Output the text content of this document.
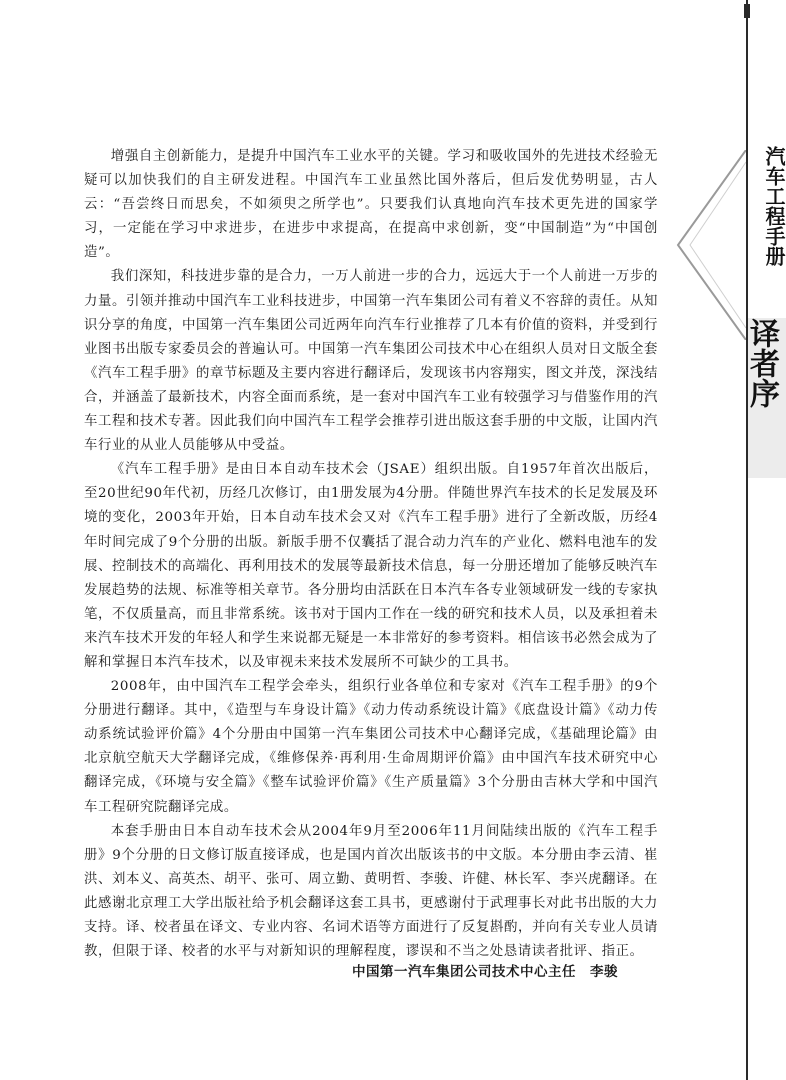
汽车工程手册
译者序

增强自主创新能力，是提升中国汽车工业水平的关键。学习和吸收国外的先进技术经验无疑可以加快我们的自主研发进程。中国汽车工业虽然比国外落后，但后发优势明显，古人云：“吾尝终日而思矣，不如须臾之所学也”。只要我们认真地向汽车技术更先进的国家学习，一定能在学习中求进步，在进步中求提高，在提高中求创新，变“中国制造”为“中国创造”。

我们深知，科技进步靠的是合力，一万人前进一步的合力，远远大于一个人前进一万步的力量。引领并推动中国汽车工业科技进步，中国第一汽车集团公司有着义不容辞的责任。从知识分享的角度，中国第一汽车集团公司近两年向汽车行业推荐了几本有价值的资料，并受到行业图书出版专家委员会的普遍认可。中国第一汽车集团公司技术中心在组织人员对日文版全套《汽车工程手册》的章节标题及主要内容进行翻译后，发现该书内容翔实，图文并茂，深浅结合，并涵盖了最新技术，内容全面而系统，是一套对中国汽车工业有较强学习与借鉴作用的汽车工程和技术专著。因此我们向中国汽车工程学会推荐引进出版这套手册的中文版，让国内汽车行业的从业人员能够从中受益。

《汽车工程手册》是由日本自动车技术会（JSAE）组织出版。自1957年首次出版后，至20世纪90年代初，历经几次修订，由1册发展为4分册。伴随世界汽车技术的长足发展及环境的变化，2003年开始，日本自动车技术会又对《汽车工程手册》进行了全新改版，历经4年时间完成了9个分册的出版。新版手册不仅囊括了混合动力汽车的产业化、燃料电池车的发展、控制技术的高端化、再利用技术的发展等最新技术信息，每一分册还增加了能够反映汽车发展趋势的法规、标准等相关章节。各分册均由活跃在日本汽车各专业领域研发一线的专家执笔，不仅质量高，而且非常系统。该书对于国内工作在一线的研究和技术人员，以及承担着未来汽车技术开发的年轻人和学生来说都无疑是一本非常好的参考资料。相信该书必然会成为了解和掌握日本汽车技术，以及审视未来技术发展所不可缺少的工具书。

2008年，由中国汽车工程学会牵头，组织行业各单位和专家对《汽车工程手册》的9个分册进行翻译。其中，《造型与车身设计篇》《动力传动系统设计篇》《底盘设计篇》《动力传动系统试验评价篇》4个分册由中国第一汽车集团公司技术中心翻译完成，《基础理论篇》由北京航空航天大学翻译完成，《维修保养·再利用·生命周期评价篇》由中国汽车技术研究中心翻译完成，《环境与安全篇》《整车试验评价篇》《生产质量篇》3个分册由吉林大学和中国汽车工程研究院翻译完成。

本套手册由日本自动车技术会从2004年9月至2006年11月间陆续出版的《汽车工程手册》9个分册的日文修订版直接译成，也是国内首次出版该书的中文版。本分册由李云清、崔洪、刘本义、高英杰、胡平、张可、周立勤、黄明哲、李骏、许健、林长军、李兴虎翻译。在此感谢北京理工大学出版社给予机会翻译这套工具书，更感谢付于武理事长对此书出版的大力支持。译、校者虽在译文、专业内容、名词术语等方面进行了反复斟酌，并向有关专业人员请教，但限于译、校者的水平与对新知识的理解程度，谬误和不当之处恳请读者批评、指正。

中国第一汽车集团公司技术中心主任 李骏
